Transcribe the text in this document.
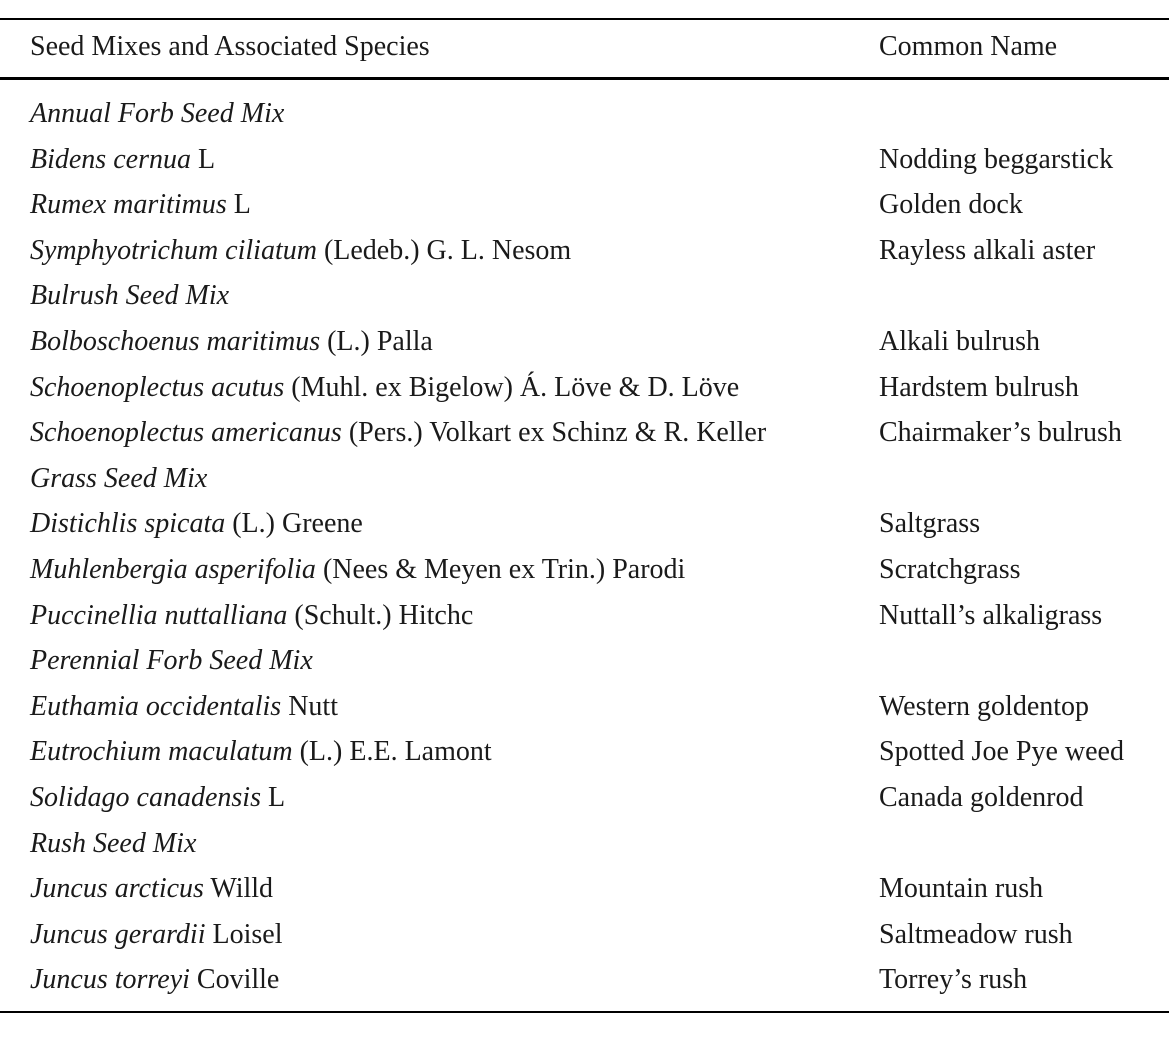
Seed Mixes and Associated Species	Common Name
Annual Forb Seed Mix
Bidens cernua L	Nodding beggarstick
Rumex maritimus L	Golden dock
Symphyotrichum ciliatum (Ledeb.) G. L. Nesom	Rayless alkali aster
Bulrush Seed Mix
Bolboschoenus maritimus (L.) Palla	Alkali bulrush
Schoenoplectus acutus (Muhl. ex Bigelow) Á. Löve & D. Löve	Hardstem bulrush
Schoenoplectus americanus (Pers.) Volkart ex Schinz & R. Keller	Chairmaker’s bulrush
Grass Seed Mix
Distichlis spicata (L.) Greene	Saltgrass
Muhlenbergia asperifolia (Nees & Meyen ex Trin.) Parodi	Scratchgrass
Puccinellia nuttalliana (Schult.) Hitchc	Nuttall’s alkaligrass
Perennial Forb Seed Mix
Euthamia occidentalis Nutt	Western goldentop
Eutrochium maculatum (L.) E.E. Lamont	Spotted Joe Pye weed
Solidago canadensis L	Canada goldenrod
Rush Seed Mix
Juncus arcticus Willd	Mountain rush
Juncus gerardii Loisel	Saltmeadow rush
Juncus torreyi Coville	Torrey’s rush
